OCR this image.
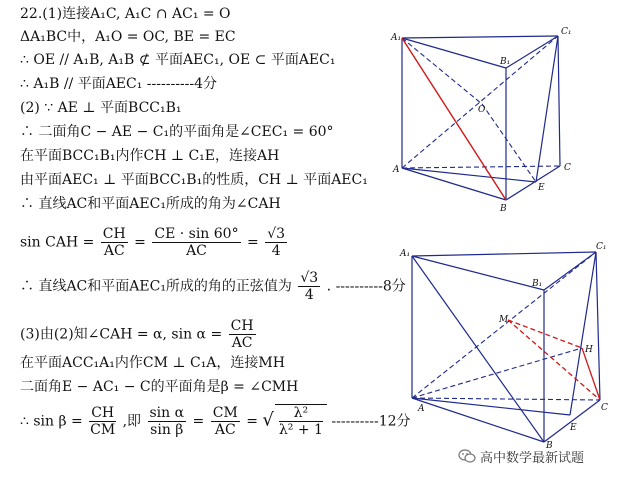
22.(1)连接A₁C, A₁C ∩ AC₁ = O
ΔA₁BC中，A₁O = OC, BE = EC
∴ OE // A₁B, A₁B ⊄ 平面AEC₁, OE ⊂ 平面AEC₁
∴ A₁B // 平面AEC₁ ----------4分
(2) ∵ AE ⊥ 平面BCC₁B₁
∴ 二面角C − AE − C₁的平面角是∠CEC₁ = 60°
在平面BCC₁B₁内作CH ⊥ C₁E，连接AH
由平面AEC₁ ⊥ 平面BCC₁B₁的性质，CH ⊥ 平面AEC₁
∴ 直线AC和平面AEC₁所成的角为∠CAH
sin CAH = $\frac{CH}{AC} = \frac{CE \cdot \sin 60^\circ}{AC} = \frac{√3}{4}$
∴ 直线AC和平面AEC₁所成的角的正弦值为 $\frac{√3}{4}$ . ----------8分
(3)由(2)知∠CAH = α, $\sin \alpha = \frac{CH}{AC}$
在平面ACC₁A₁内作CM ⊥ C₁A，连接MH
二面角E − AC₁ − C的平面角是β = ∠CMH
∴ $\sin \beta = \frac{CH}{CM}$ ,即 $\frac{\text{sin α}}{\text{sin β}} = \frac{CM}{AC}$ = √ $\frac{\text{λ²}}{\text{λ² + 1}} ----------12$分
A₁
C₁
B₁
O
A	C
E
B
A₁
C₁
B₁
M
H
A	C
E
B
高中数学最新试题
